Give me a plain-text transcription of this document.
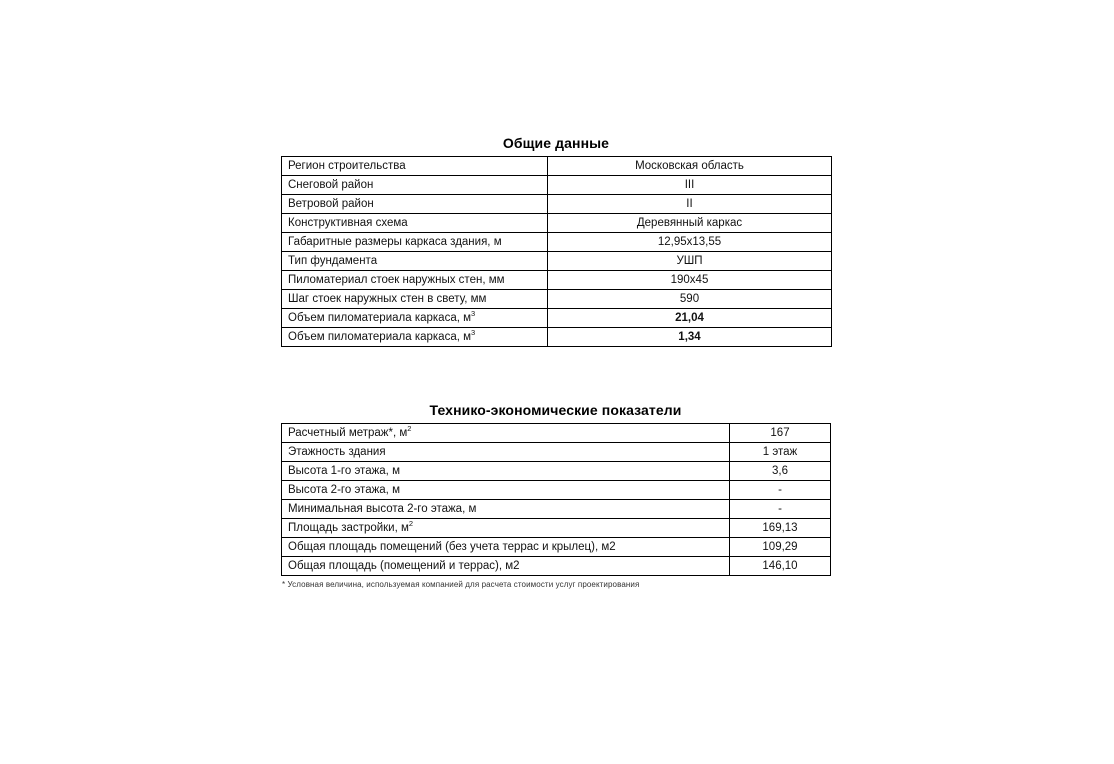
Общие данные
Регион строительства	Московская область
Снеговой район	III
Ветровой район	II
Конструктивная схема	Деревянный каркас
Габаритные размеры каркаса здания, м	12,95x13,55
Тип фундамента	УШП
Пиломатериал стоек наружных стен, мм	190x45
Шаг стоек наружных стен в свету, мм	590
Объем пиломатериала каркаса, $м^3$	21,04
Объем пиломатериала каркаса, $м^3$	1,34
Технико-экономические показатели
Расчетный метраж*, $м^2$	167
Этажность здания	1 этаж
Высота 1-го этажа, м	3,6
Высота 2-го этажа, м	-
Минимальная высота 2-го этажа, м	-
Площадь застройки, $м^2$	169,13
Общая площадь помещений (без учета террас и крылец), м2	109,29
Общая площадь (помещений и террас), м2	146,10

* Условная величина, используемая компанией для расчета стоимости услуг проектирования
